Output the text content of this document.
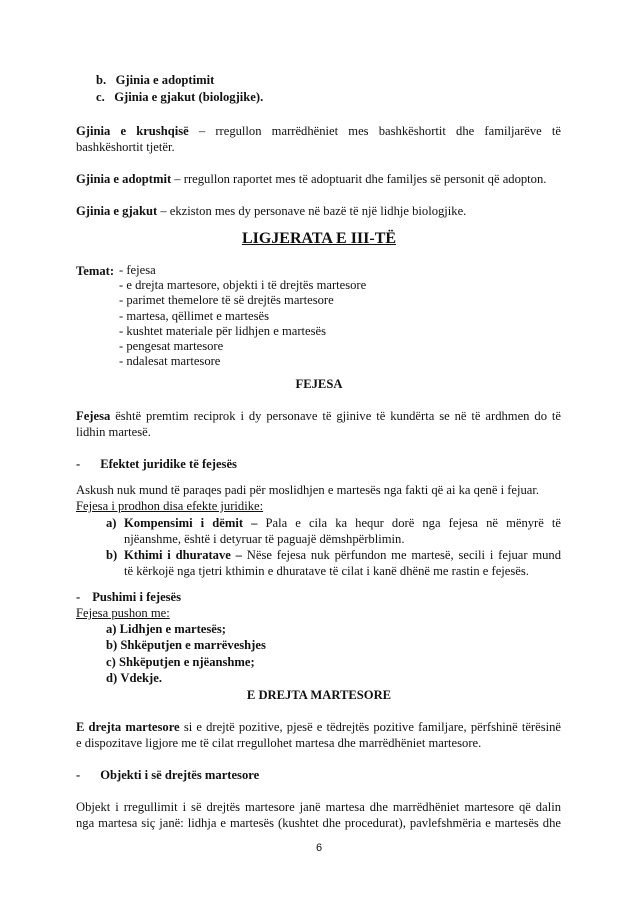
b. Gjinia e adoptimit
c. Gjinia e gjakut (biologjike).
Gjinia e krushqisë – rregullon marrëdhëniet mes bashkëshortit dhe familjarëve të
bashkëshortit tjetër.
Gjinia e adoptmit – rregullon raportet mes të adoptuarit dhe familjes së personit që adopton.
Gjinia e gjakut – ekziston mes dy personave në bazë të një lidhje biologjike.
LIGJERATA E III-TË
Temat: - fejesa
- e drejta martesore, objekti i të drejtës martesore
- parimet themelore të së drejtës martesore
- martesa, qëllimet e martesës
- kushtet materiale për lidhjen e martesës
- pengesat martesore
- ndalesat martesore
FEJESA
Fejesa është premtim reciprok i dy personave të gjinive të kundërta se në të ardhmen do të
lidhin martesë.
- Efektet juridike të fejesës
Askush nuk mund të paraqes padi për moslidhjen e martesës nga fakti që ai ka qenë i fejuar.
Fejesa i prodhon disa efekte juridike:
a) Kompensimi i dëmit – Pala e cila ka hequr dorë nga fejesa në mënyrë të
njëanshme, është i detyruar të paguajë dëmshpërblimin.
b) Kthimi i dhuratave – Nëse fejesa nuk përfundon me martesë, secili i fejuar mund
të kërkojë nga tjetri kthimin e dhuratave të cilat i kanë dhënë me rastin e fejesës.
- Pushimi i fejesës
Fejesa pushon me:
a) Lidhjen e martesës;
b) Shkëputjen e marrëveshjes
c) Shkëputjen e njëanshme;
d) Vdekje.
E DREJTA MARTESORE
E drejta martesore si e drejtë pozitive, pjesë e tëdrejtës pozitive familjare, përfshinë tërësinë
e dispozitave ligjore me të cilat rregullohet martesa dhe marrëdhëniet martesore.
- Objekti i së drejtës martesore
Objekt i rregullimit i së drejtës martesore janë martesa dhe marrëdhëniet martesore që dalin
nga martesa siç janë: lidhja e martesës (kushtet dhe procedurat), pavlefshmëria e martesës dhe
6
